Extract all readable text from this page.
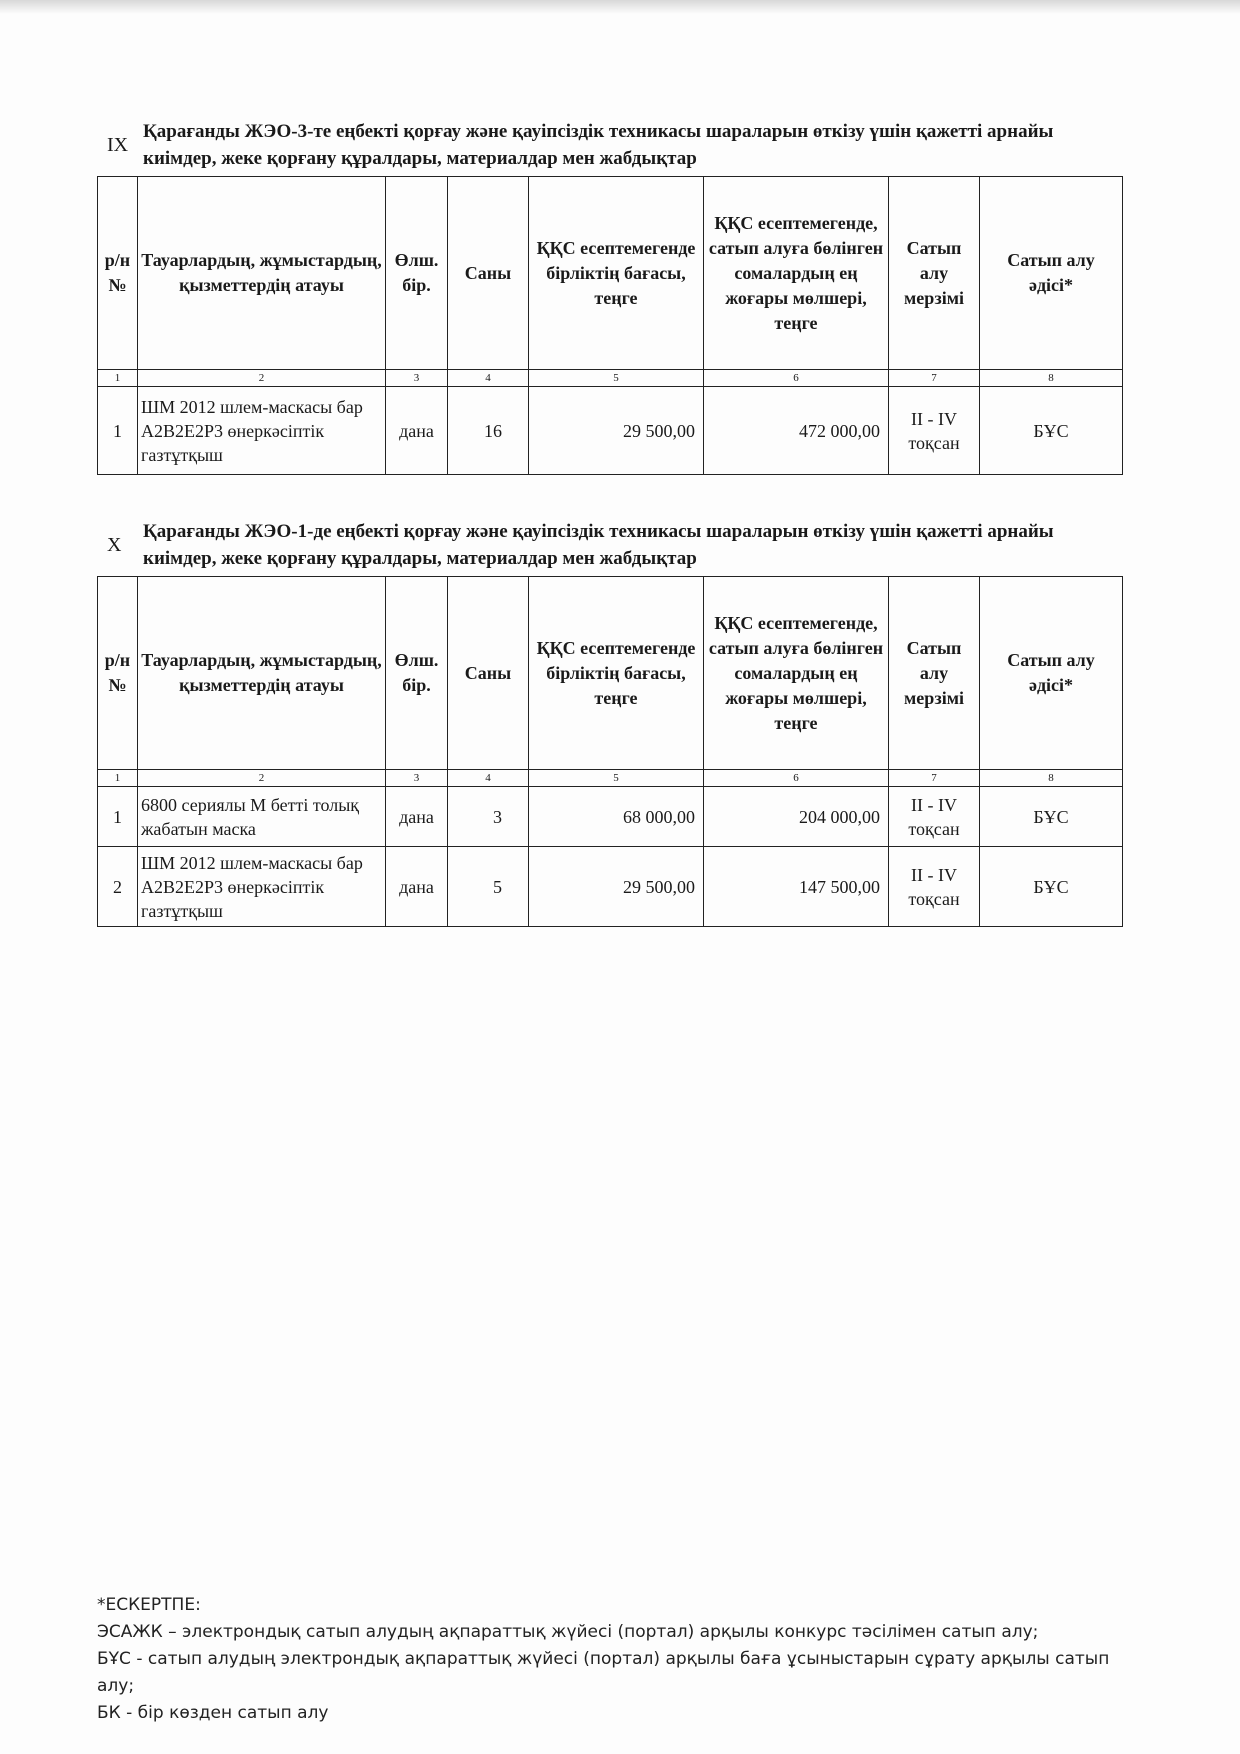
IX
Қарағанды ЖЭО-3-те еңбекті қорғау және қауіпсіздік техникасы шараларын өткізу үшін қажетті арнайы киімдер, жеке қорғану құралдары, материалдар мен жабдықтар
р/н №	Тауарлардың, жұмыстардың, қызметтердің атауы	Өлш. бір.	Саны	ҚҚС есептемегенде бірліктің бағасы, теңге	ҚҚС есептемегенде, сатып алуға бөлінген сомалардың ең жоғары мөлшері, теңге	Сатып алу мерзімі	Сатып алу әдісі*
1	2	3	4	5	6	7	8
1	ШМ 2012 шлем-маскасы бар А2В2Е2Р3 өнеркәсіптік газтұтқыш	дана	16	29 500,00	472 000,00	II - IV тоқсан	БҰС
X
Қарағанды ЖЭО-1-де еңбекті қорғау және қауіпсіздік техникасы шараларын өткізу үшін қажетті арнайы киімдер, жеке қорғану құралдары, материалдар мен жабдықтар
р/н №	Тауарлардың, жұмыстардың, қызметтердің атауы	Өлш. бір.	Саны	ҚҚС есептемегенде бірліктің бағасы, теңге	ҚҚС есептемегенде, сатып алуға бөлінген сомалардың ең жоғары мөлшері, теңге	Сатып алу мерзімі	Сатып алу әдісі*
1	2	3	4	5	6	7	8
1	6800 сериялы М бетті толық жабатын маска	дана	3	68 000,00	204 000,00	II - IV тоқсан	БҰС
2	ШМ 2012 шлем-маскасы бар А2В2Е2Р3 өнеркәсіптік газтұтқыш	дана	5	29 500,00	147 500,00	II - IV тоқсан	БҰС
*ЕСКЕРТПЕ:
ЭСАЖК – электрондық сатып алудың ақпараттық жүйесі (портал) арқылы конкурс тәсілімен сатып алу;
БҰС - сатып алудың электрондық ақпараттық жүйесі (портал) арқылы баға ұсыныстарын сұрату арқылы сатып алу;
БК - бір көзден сатып алу
